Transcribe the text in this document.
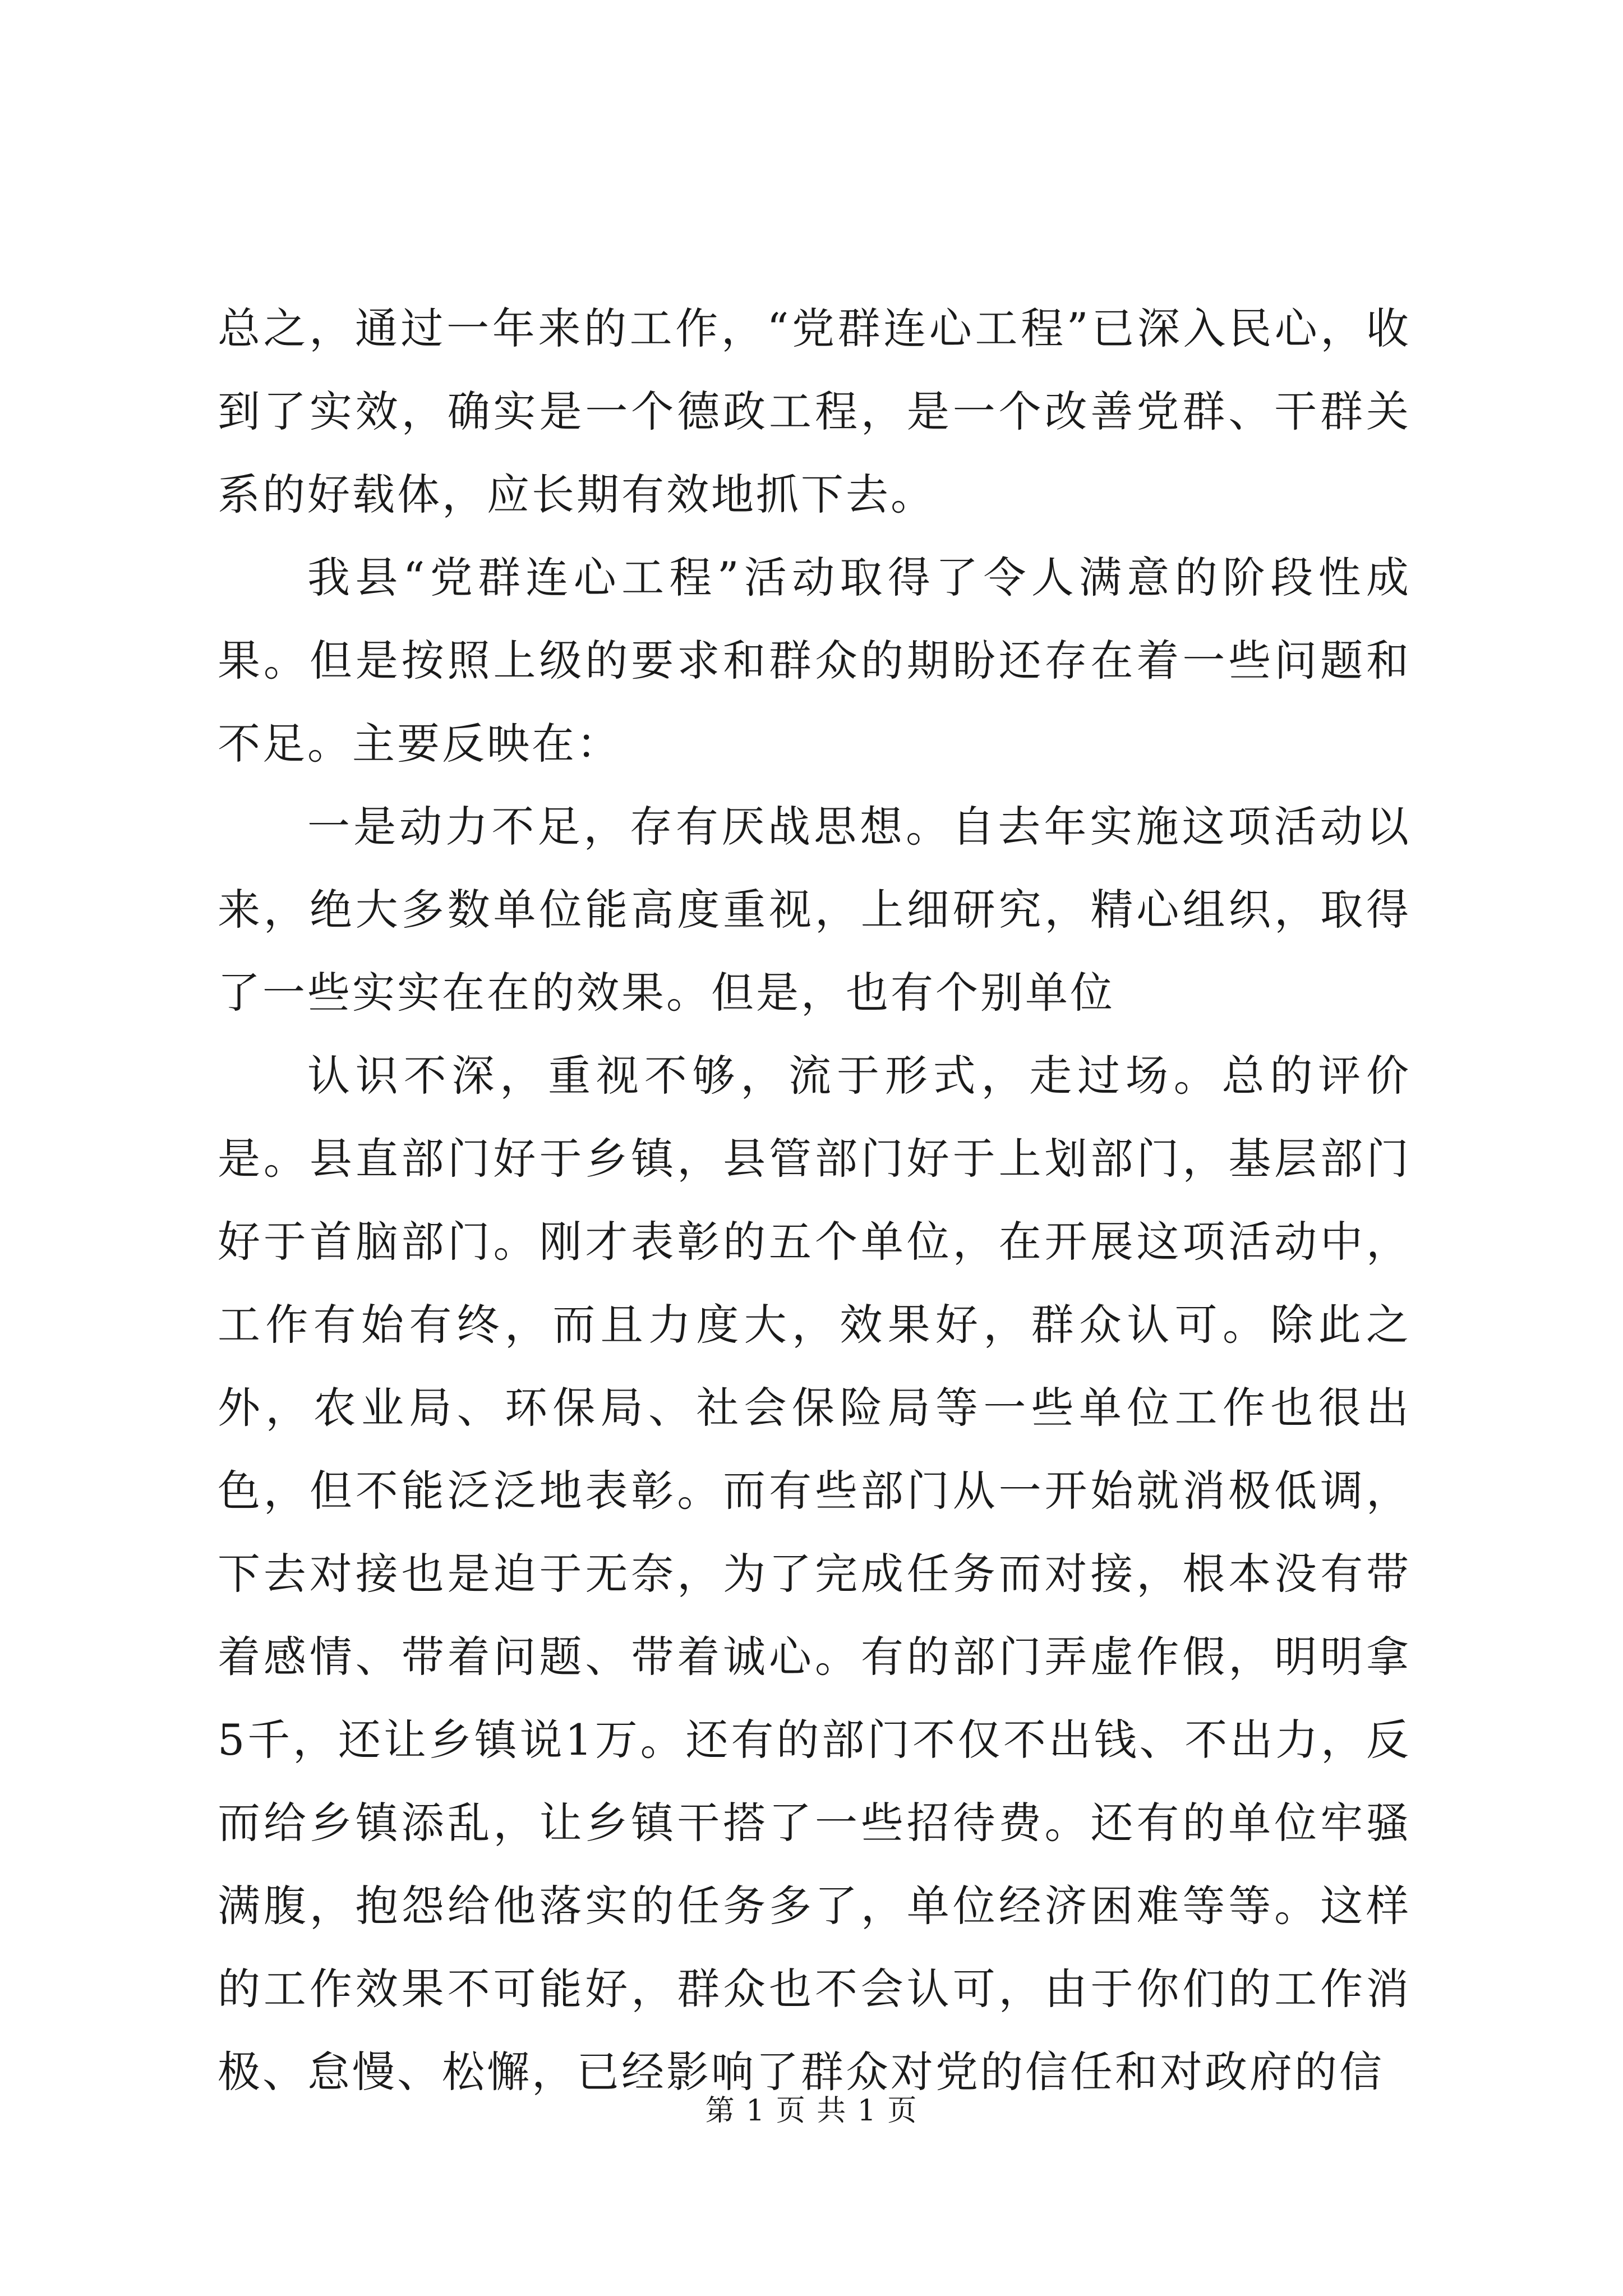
总之，通过一年来的工作，“党群连心工程”已深入民心，收到了实效，确实是一个德政工程，是一个改善党群、干群关系的好载体，应长期有效地抓下去。

我县“党群连心工程”活动取得了令人满意的阶段性成果。但是按照上级的要求和群众的期盼还存在着一些问题和不足。主要反映在：

一是动力不足，存有厌战思想。自去年实施这项活动以来，绝大多数单位能高度重视，上细研究，精心组织，取得了一些实实在在的效果。但是，也有个别单位

认识不深，重视不够，流于形式，走过场。总的评价是。县直部门好于乡镇，县管部门好于上划部门，基层部门好于首脑部门。刚才表彰的五个单位，在开展这项活动中，工作有始有终，而且力度大，效果好，群众认可。除此之外，农业局、环保局、社会保险局等一些单位工作也很出色，但不能泛泛地表彰。而有些部门从一开始就消极低调，下去对接也是迫于无奈，为了完成任务而对接，根本没有带着感情、带着问题、带着诚心。有的部门弄虚作假，明明拿5千，还让乡镇说1万。还有的部门不仅不出钱、不出力，反而给乡镇添乱，让乡镇干搭了一些招待费。还有的单位牢骚满腹，抱怨给他落实的任务多了，单位经济困难等等。这样的工作效果不可能好，群众也不会认可，由于你们的工作消极、怠慢、松懈，已经影响了群众对党的信任和对政府的信

第 1 页 共 1 页
